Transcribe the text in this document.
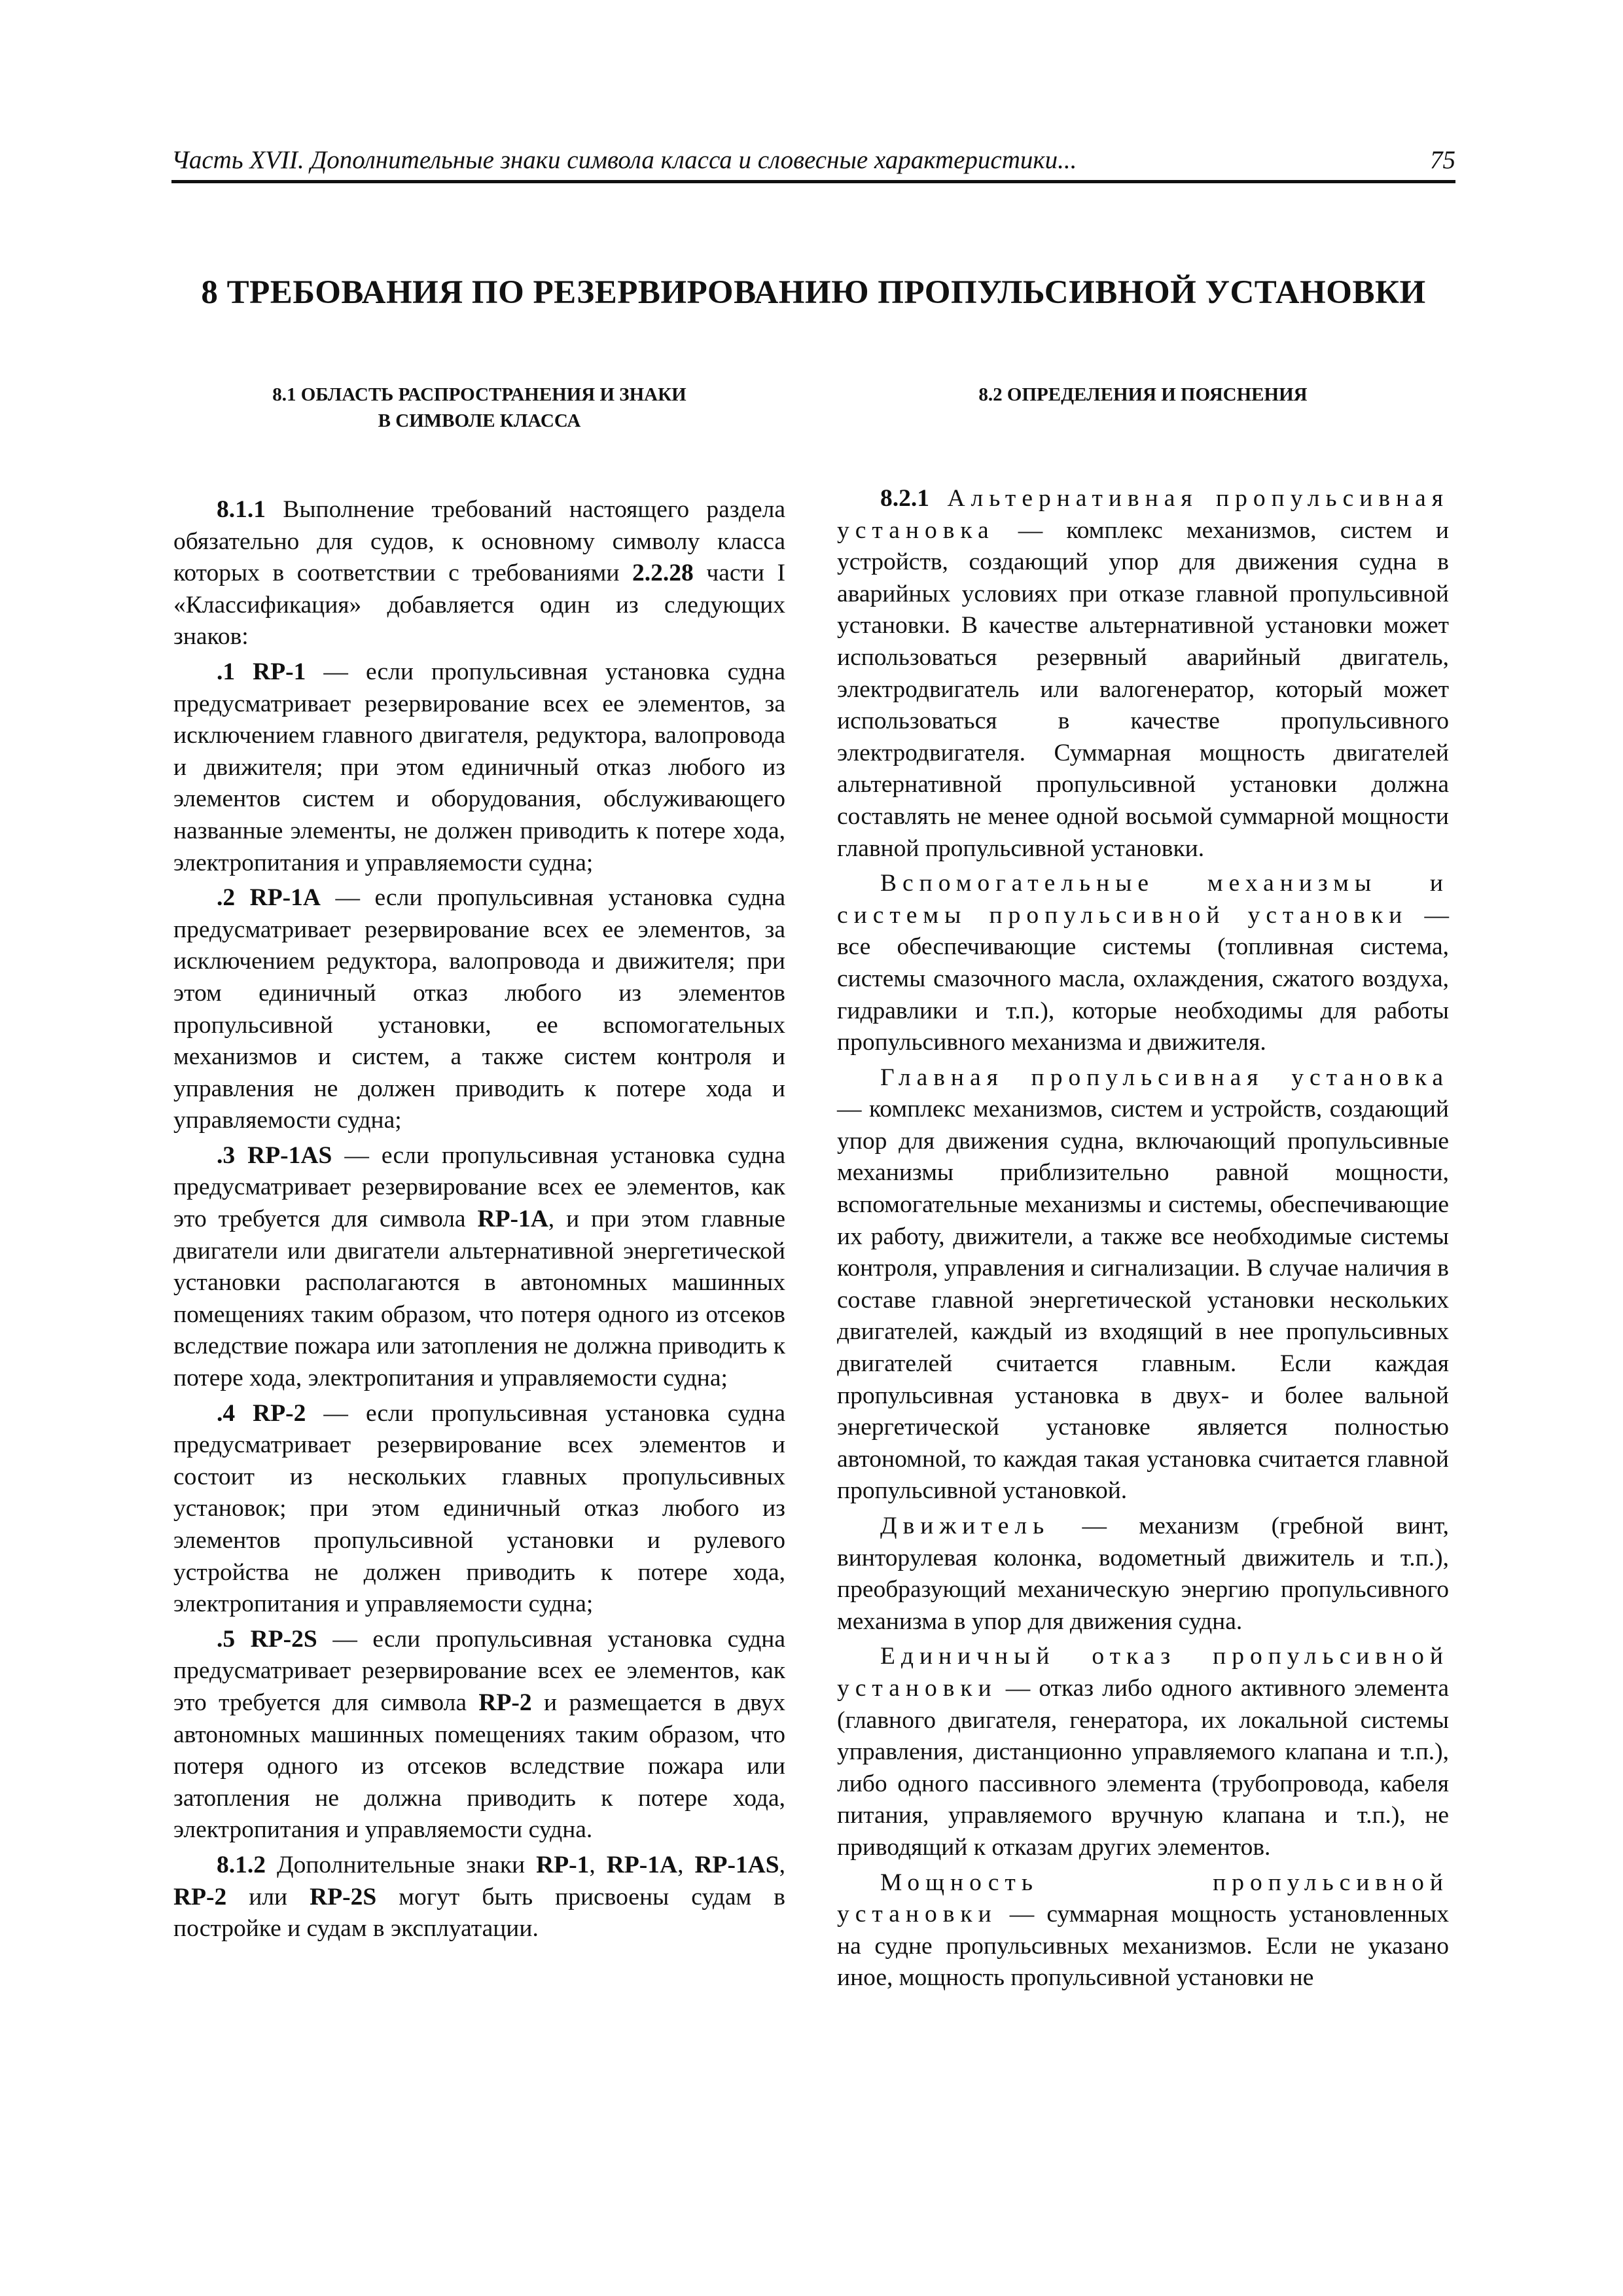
Часть XVII. Дополнительные знаки символа класса и словесные характеристики...	75
8 ТРЕБОВАНИЯ ПО РЕЗЕРВИРОВАНИЮ ПРОПУЛЬСИВНОЙ УСТАНОВКИ
8.1 ОБЛАСТЬ РАСПРОСТРАНЕНИЯ И ЗНАКИ
В СИМВОЛЕ КЛАССА

8.1.1 Выполнение требований настоящего раздела обязательно для судов, к основному символу класса которых в соответствии с требованиями 2.2.28 части I «Классификация» добавляется один из следующих знаков:

.1 RP-1 — если пропульсивная установка судна предусматривает резервирование всех ее элементов, за исключением главного двигателя, редуктора, валопровода и движителя; при этом единичный отказ любого из элементов систем и оборудования, обслуживающего названные элементы, не должен приводить к потере хода, электропитания и управляемости судна;

.2 RP-1A — если пропульсивная установка судна предусматривает резервирование всех ее элементов, за исключением редуктора, валопровода и движителя; при этом единичный отказ любого из элементов пропульсивной установки, ее вспомогательных механизмов и систем, а также систем контроля и управления не должен приводить к потере хода и управляемости судна;

.3 RP-1AS — если пропульсивная установка судна предусматривает резервирование всех ее элементов, как это требуется для символа RP-1A, и при этом главные двигатели или двигатели альтернативной энергетической установки располагаются в автономных машинных помещениях таким образом, что потеря одного из отсеков вследствие пожара или затопления не должна приводить к потере хода, электропитания и управляемости судна;

.4 RP-2 — если пропульсивная установка судна предусматривает резервирование всех элементов и состоит из нескольких главных пропульсивных установок; при этом единичный отказ любого из элементов пропульсивной установки и рулевого устройства не должен приводить к потере хода, электропитания и управляемости судна;

.5 RP-2S — если пропульсивная установка судна предусматривает резервирование всех ее элементов, как это требуется для символа RP-2 и размещается в двух автономных машинных помещениях таким образом, что потеря одного из отсеков вследствие пожара или затопления не должна приводить к потере хода, электропитания и управляемости судна.

8.1.2 Дополнительные знаки RP-1, RP-1A, RP-1AS, RP-2 или RP-2S могут быть присвоены судам в постройке и судам в эксплуатации.

8.2 ОПРЕДЕЛЕНИЯ И ПОЯСНЕНИЯ

8.2.1 Альтернативная пропульсивная установка — комплекс механизмов, систем и устройств, создающий упор для движения судна в аварийных условиях при отказе главной пропульсивной установки. В качестве альтернативной установки может использоваться резервный аварийный двигатель, электродвигатель или валогенератор, который может использоваться в качестве пропульсивного электродвигателя. Суммарная мощность двигателей альтернативной пропульсивной установки должна составлять не менее одной восьмой суммарной мощности главной пропульсивной установки.

Вспомогательные механизмы и системы пропульсивной установки — все обеспечивающие системы (топливная система, системы смазочного масла, охлаждения, сжатого воздуха, гидравлики и т.п.), которые необходимы для работы пропульсивного механизма и движителя.

Главная пропульсивная установка — комплекс механизмов, систем и устройств, создающий упор для движения судна, включающий пропульсивные механизмы приблизительно равной мощности, вспомогательные механизмы и системы, обеспечивающие их работу, движители, а также все необходимые системы контроля, управления и сигнализации. В случае наличия в составе главной энергетической установки нескольких двигателей, каждый из входящий в нее пропульсивных двигателей считается главным. Если каждая пропульсивная установка в двух- и более вальной энергетической установке является полностью автономной, то каждая такая установка считается главной пропульсивной установкой.

Движитель — механизм (гребной винт, винторулевая колонка, водометный движитель и т.п.), преобразующий механическую энергию пропульсивного механизма в упор для движения судна.

Единичный отказ пропульсивной установки — отказ либо одного активного элемента (главного двигателя, генератора, их локальной системы управления, дистанционно управляемого клапана и т.п.), либо одного пассивного элемента (трубопровода, кабеля питания, управляемого вручную клапана и т.п.), не приводящий к отказам других элементов.

Мощность пропульсивной установки — суммарная мощность установленных на судне пропульсивных механизмов. Если не указано иное, мощность пропульсивной установки не
